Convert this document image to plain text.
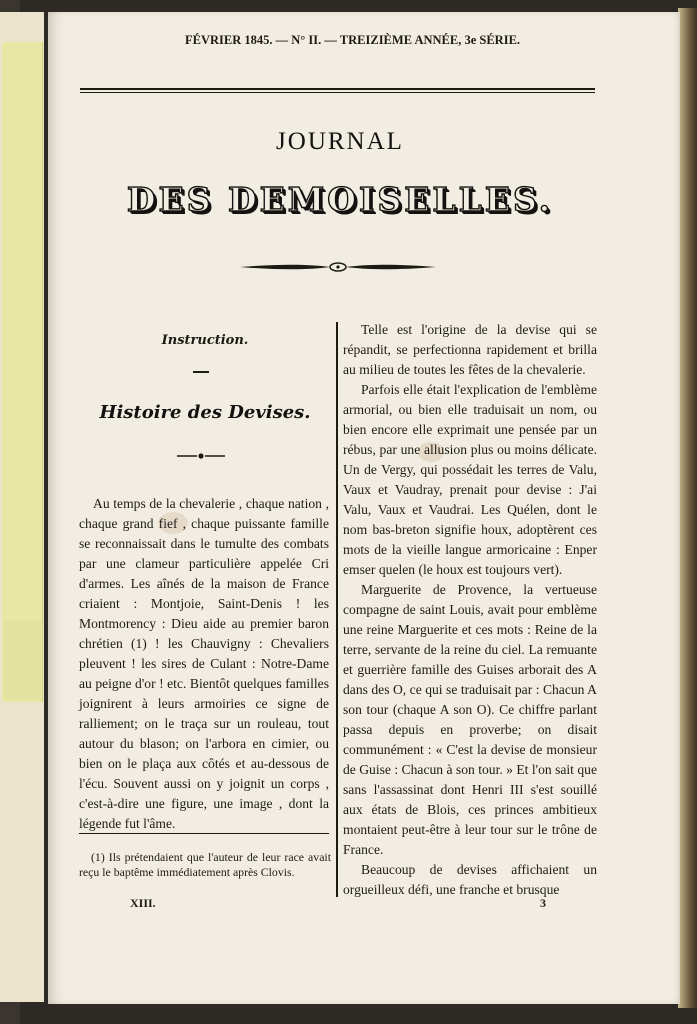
FÉVRIER 1845. — N° II. — TREIZIÈME ANNÉE, 3e SÉRIE.
JOURNAL
DES DEMOISELLES.
Instruction.
Histoire des Devises.

Au temps de la chevalerie , chaque nation , chaque grand fief , chaque puissante famille se reconnaissait dans le tumulte des combats par une clameur particulière appelée Cri d'armes. Les aînés de la maison de France criaient : Montjoie, Saint-Denis ! les Montmorency : Dieu aide au premier baron chrétien (1) ! les Chauvigny : Chevaliers pleuvent ! les sires de Culant : Notre-Dame au peigne d'or ! etc. Bientôt quelques familles joignirent à leurs armoiries ce signe de ralliement; on le traça sur un rouleau, tout autour du blason; on l'arbora en cimier, ou bien on le plaça aux côtés et au-dessous de l'écu. Souvent aussi on y joignit un corps , c'est-à-dire une figure, une image , dont la légende fut l'âme.

(1) Ils prétendaient que l'auteur de leur race avait reçu le baptême immédiatement après Clovis.

Telle est l'origine de la devise qui se répandit, se perfectionna rapidement et brilla au milieu de toutes les fêtes de la chevalerie.

Parfois elle était l'explication de l'emblème armorial, ou bien elle traduisait un nom, ou bien encore elle exprimait une pensée par un rébus, par une allusion plus ou moins délicate. Un de Vergy, qui possédait les terres de Valu, Vaux et Vaudray, prenait pour devise : J'ai Valu, Vaux et Vaudrai. Les Quélen, dont le nom bas-breton signifie houx, adoptèrent ces mots de la vieille langue armoricaine : Enper emser quelen (le houx est toujours vert).

Marguerite de Provence, la vertueuse compagne de saint Louis, avait pour emblème une reine Marguerite et ces mots : Reine de la terre, servante de la reine du ciel. La remuante et guerrière famille des Guises arborait des A dans des O, ce qui se traduisait par : Chacun A son tour (chaque A son O). Ce chiffre parlant passa depuis en proverbe; on disait communément : « C'est la devise de monsieur de Guise : Chacun à son tour. » Et l'on sait que sans l'assassinat dont Henri III s'est souillé aux états de Blois, ces princes ambitieux montaient peut-être à leur tour sur le trône de France.

Beaucoup de devises affichaient un orgueilleux défi, une franche et brusque

XIII.	3
